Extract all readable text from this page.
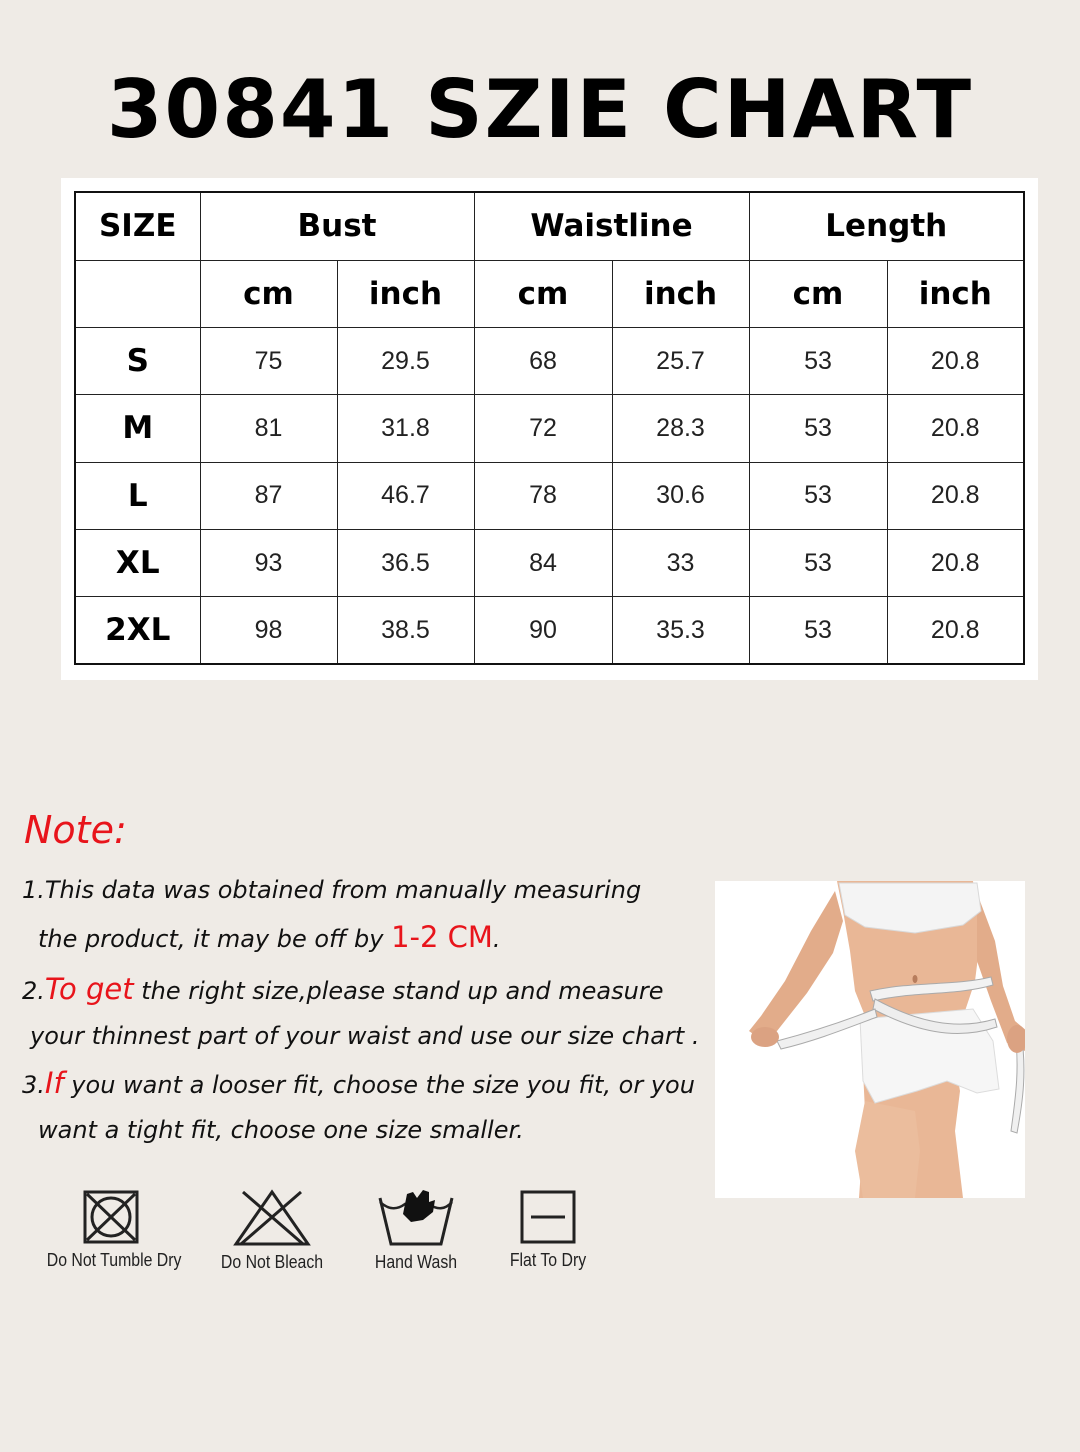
30841 SZIE CHART
SIZE	Bust		Waistline		Length	
	cm	inch	cm	inch	cm	inch
S	75	29.5	68	25.7	53	20.8
M	81	31.8	72	28.3	53	20.8
L	87	46.7	78	30.6	53	20.8
XL	93	36.5	84	33	53	20.8
2XL	98	38.5	90	35.3	53	20.8
Note:
1.This data was obtained from manually measuring
the product, it may be off by 1-2 CM.
2.To get the right size,please stand up and measure
your thinnest part of your waist and use our size chart .
3.If you want a looser fit, choose the size you fit, or you
want a tight fit, choose one size smaller.
Do Not Tumble Dry Do Not Bleach	Hand Wash	Flat To Dry
